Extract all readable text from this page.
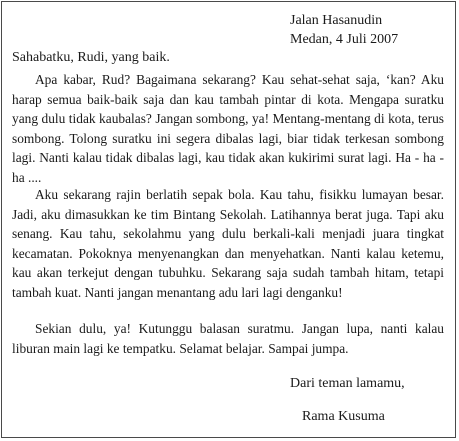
Jalan Hasanudin
Medan, 4 Juli 2007
Sahabatku, Rudi, yang baik.

Apa kabar, Rud? Bagaimana sekarang? Kau sehat-sehat saja, ‘kan? Aku harap semua baik-baik saja dan kau tambah pintar di kota. Mengapa suratku yang dulu tidak kaubalas? Jangan sombong, ya! Mentang-mentang di kota, terus sombong. Tolong suratku ini segera dibalas lagi, biar tidak terkesan sombong lagi. Nanti kalau tidak dibalas lagi, kau tidak akan kukirimi surat lagi. Ha - ha - ha ....

Aku sekarang rajin berlatih sepak bola. Kau tahu, fisikku lumayan besar. Jadi, aku dimasukkan ke tim Bintang Sekolah. Latihannya berat juga. Tapi aku senang. Kau tahu, sekolahmu yang dulu berkali-kali menjadi juara tingkat kecamatan. Pokoknya menyenangkan dan menyehatkan. Nanti kalau ketemu, kau akan terkejut dengan tubuhku. Sekarang saja sudah tambah hitam, tetapi tambah kuat. Nanti jangan menantang adu lari lagi denganku!

Sekian dulu, ya! Kutunggu balasan suratmu. Jangan lupa, nanti kalau liburan main lagi ke tempatku. Selamat belajar. Sampai jumpa.

Dari teman lamamu,
Rama Kusuma
